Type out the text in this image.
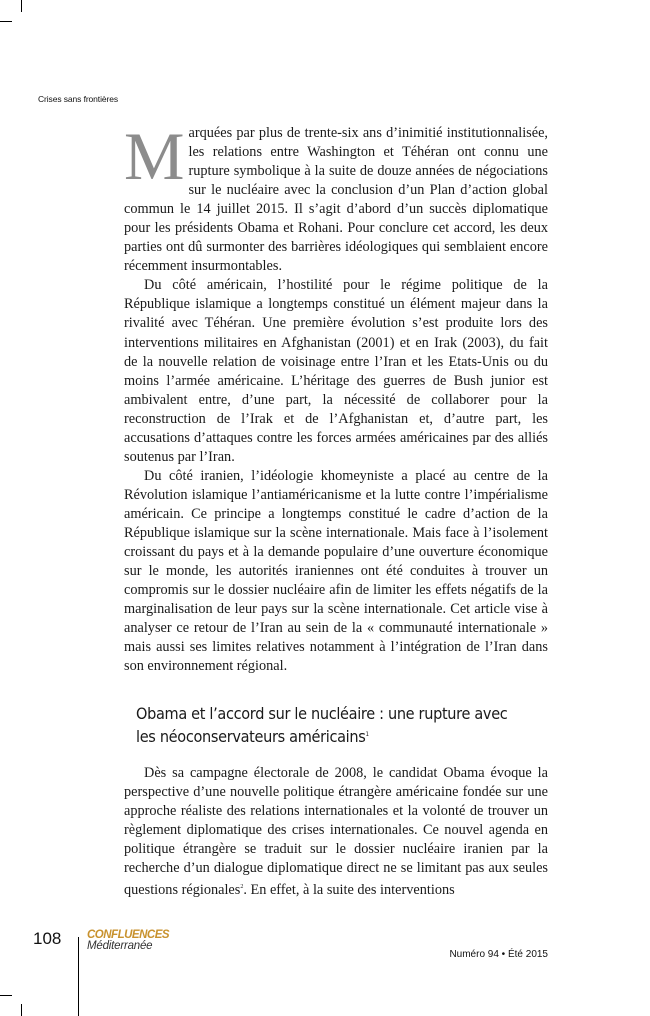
Crises sans frontières

Marquées par plus de trente-six ans d’inimitié institutionnalisée, les relations entre Washington et Téhéran ont connu une rupture symbolique à la suite de douze années de négociations sur le nucléaire avec la conclusion d’un Plan d’action global commun le 14 juillet 2015. Il s’agit d’abord d’un succès diplomatique pour les présidents Obama et Rohani. Pour conclure cet accord, les deux parties ont dû surmonter des barrières idéologiques qui semblaient encore récemment insurmontables.

Du côté américain, l’hostilité pour le régime politique de la République islamique a longtemps constitué un élément majeur dans la rivalité avec Téhéran. Une première évolution s’est produite lors des interventions militaires en Afghanistan (2001) et en Irak (2003), du fait de la nouvelle relation de voisinage entre l’Iran et les Etats-Unis ou du moins l’armée américaine. L’héritage des guerres de Bush junior est ambivalent entre, d’une part, la nécessité de collaborer pour la reconstruction de l’Irak et de l’Afghanistan et, d’autre part, les accusations d’attaques contre les forces armées américaines par des alliés soutenus par l’Iran.

Du côté iranien, l’idéologie khomeyniste a placé au centre de la Révolution islamique l’antiaméricanisme et la lutte contre l’impérialisme américain. Ce principe a longtemps constitué le cadre d’action de la République islamique sur la scène internationale. Mais face à l’isolement croissant du pays et à la demande populaire d’une ouverture économique sur le monde, les autorités iraniennes ont été conduites à trouver un compromis sur le dossier nucléaire afin de limiter les effets négatifs de la marginalisation de leur pays sur la scène internationale. Cet article vise à analyser ce retour de l’Iran au sein de la « communauté internationale » mais aussi ses limites relatives notamment à l’intégration de l’Iran dans son environnement régional.

Obama et l’accord sur le nucléaire : une rupture avec les néoconservateurs américains$^1$

Dès sa campagne électorale de 2008, le candidat Obama évoque la perspective d’une nouvelle politique étrangère américaine fondée sur une approche réaliste des relations internationales et la volonté de trouver un règlement diplomatique des crises internationales. Ce nouvel agenda en politique étrangère se traduit sur le dossier nucléaire iranien par la recherche d’un dialogue diplomatique direct ne se limitant pas aux seules questions régionales$^2$. En effet, à la suite des interventions

108 CONFLUENCES
Méditerranée
Numéro 94 • Été 2015
